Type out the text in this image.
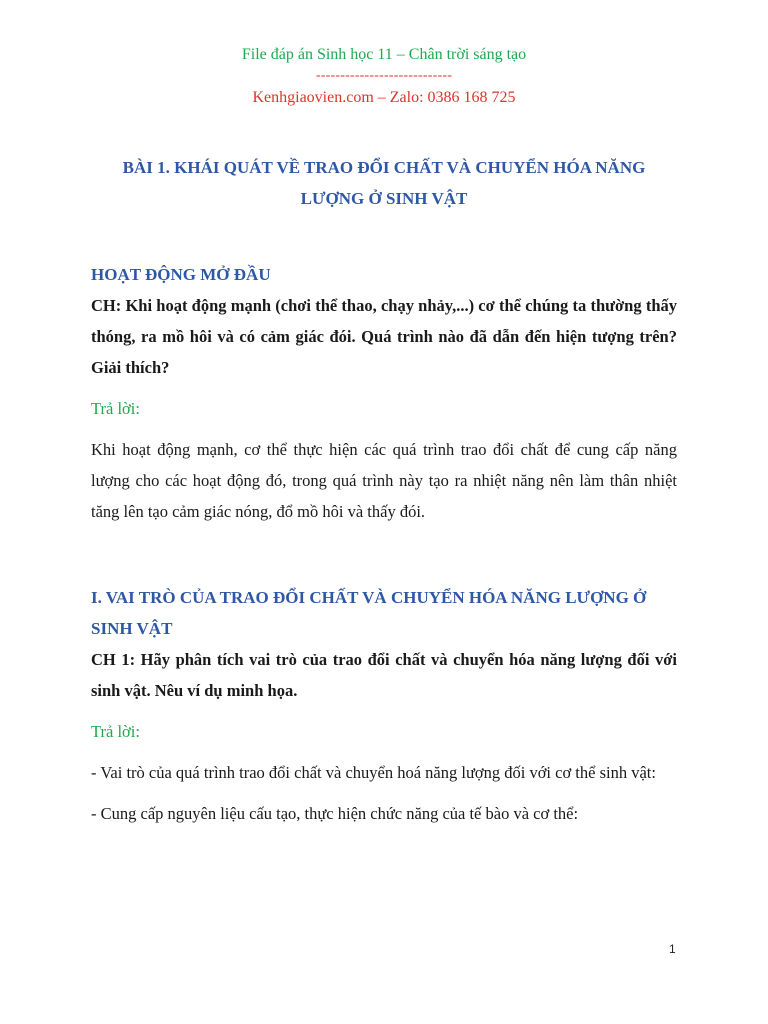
File đáp án Sinh học 11 – Chân trời sáng tạo
----------------------------
Kenhgiaovien.com – Zalo: 0386 168 725
BÀI 1. KHÁI QUÁT VỀ TRAO ĐỔI CHẤT VÀ CHUYỂN HÓA NĂNG LƯỢNG Ở SINH VẬT
HOẠT ĐỘNG MỞ ĐẦU
CH: Khi hoạt động mạnh (chơi thể thao, chạy nhảy,...) cơ thể chúng ta thường thấy thóng, ra mồ hôi và có cảm giác đói. Quá trình nào đã dẫn đến hiện tượng trên? Giải thích?
Trả lời:
Khi hoạt động mạnh, cơ thể thực hiện các quá trình trao đổi chất để cung cấp năng lượng cho các hoạt động đó, trong quá trình này tạo ra nhiệt năng nên làm thân nhiệt tăng lên tạo cảm giác nóng, đổ mồ hôi và thấy đói.
I. VAI TRÒ CỦA TRAO ĐỔI CHẤT VÀ CHUYỂN HÓA NĂNG LƯỢNG Ở SINH VẬT
CH 1: Hãy phân tích vai trò của trao đổi chất và chuyển hóa năng lượng đối với sinh vật. Nêu ví dụ minh họa.
Trả lời:
- Vai trò của quá trình trao đổi chất và chuyển hoá năng lượng đối với cơ thể sinh vật:
- Cung cấp nguyên liệu cấu tạo, thực hiện chức năng của tế bào và cơ thể:
1
